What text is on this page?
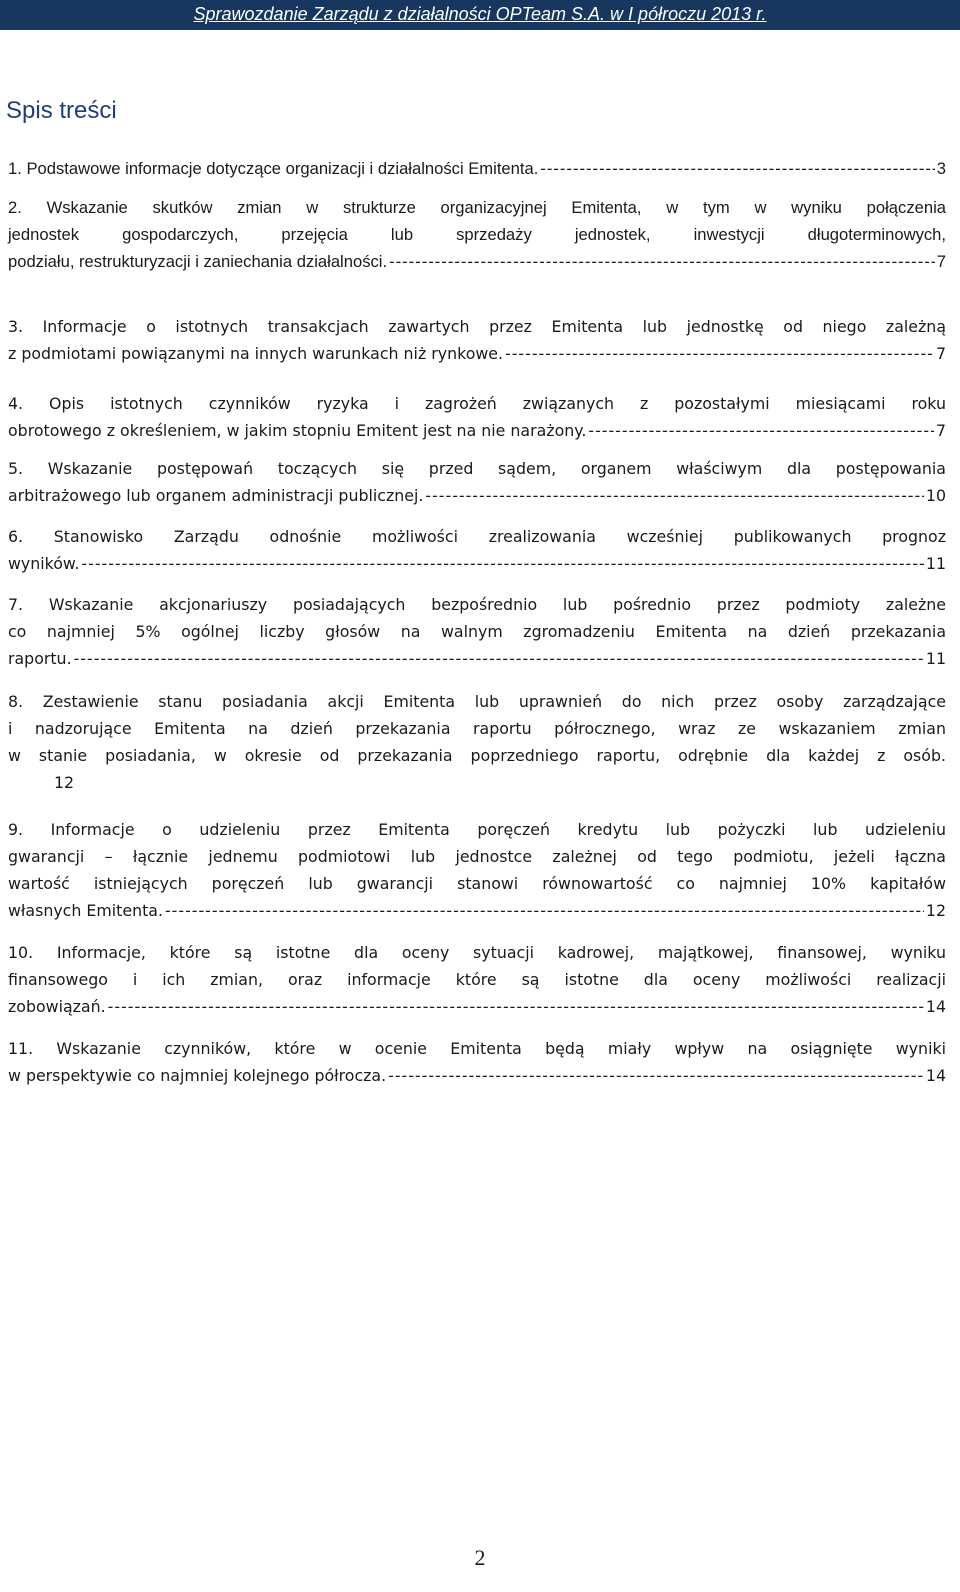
Sprawozdanie Zarządu z działalności OPTeam S.A. w I półroczu 2013 r.
Spis treści
1. Podstawowe informacje dotyczące organizacji i działalności Emitenta. -----	3
2. Wskazanie skutków zmian w strukturze organizacyjnej Emitenta, w tym w wyniku połączenia
jednostek gospodarczych, przejęcia lub sprzedaży jednostek, inwestycji długoterminowych,
podziału, restrukturyzacji i zaniechania działalności. -----	7
3. Informacje o istotnych transakcjach zawartych przez Emitenta lub jednostkę od niego zależną
z podmiotami powiązanymi na innych warunkach niż rynkowe. -----	7
4. Opis istotnych czynników ryzyka i zagrożeń związanych z pozostałymi miesiącami roku
obrotowego z określeniem, w jakim stopniu Emitent jest na nie narażony. -----	7
5. Wskazanie postępowań toczących się przed sądem, organem właściwym dla postępowania
arbitrażowego lub organem administracji publicznej. -----	10
6. Stanowisko Zarządu odnośnie możliwości zrealizowania wcześniej publikowanych prognoz
wyników. -----	11
7. Wskazanie akcjonariuszy posiadających bezpośrednio lub pośrednio przez podmioty zależne
co najmniej 5% ogólnej liczby głosów na walnym zgromadzeniu Emitenta na dzień przekazania
raportu. -----	11
8. Zestawienie stanu posiadania akcji Emitenta lub uprawnień do nich przez osoby zarządzające
i nadzorujące Emitenta na dzień przekazania raportu półrocznego, wraz ze wskazaniem zmian
w stanie posiadania, w okresie od przekazania poprzedniego raportu, odrębnie dla każdej z osób.
12
9. Informacje o udzieleniu przez Emitenta poręczeń kredytu lub pożyczki lub udzieleniu
gwarancji – łącznie jednemu podmiotowi lub jednostce zależnej od tego podmiotu, jeżeli łączna
wartość istniejących poręczeń lub gwarancji stanowi równowartość co najmniej 10% kapitałów
własnych Emitenta. -----	12
10. Informacje, które są istotne dla oceny sytuacji kadrowej, majątkowej, finansowej, wyniku
finansowego i ich zmian, oraz informacje które są istotne dla oceny możliwości realizacji
zobowiązań. -----	14
11. Wskazanie czynników, które w ocenie Emitenta będą miały wpływ na osiągnięte wyniki
w perspektywie co najmniej kolejnego półrocza. -----	14
2
